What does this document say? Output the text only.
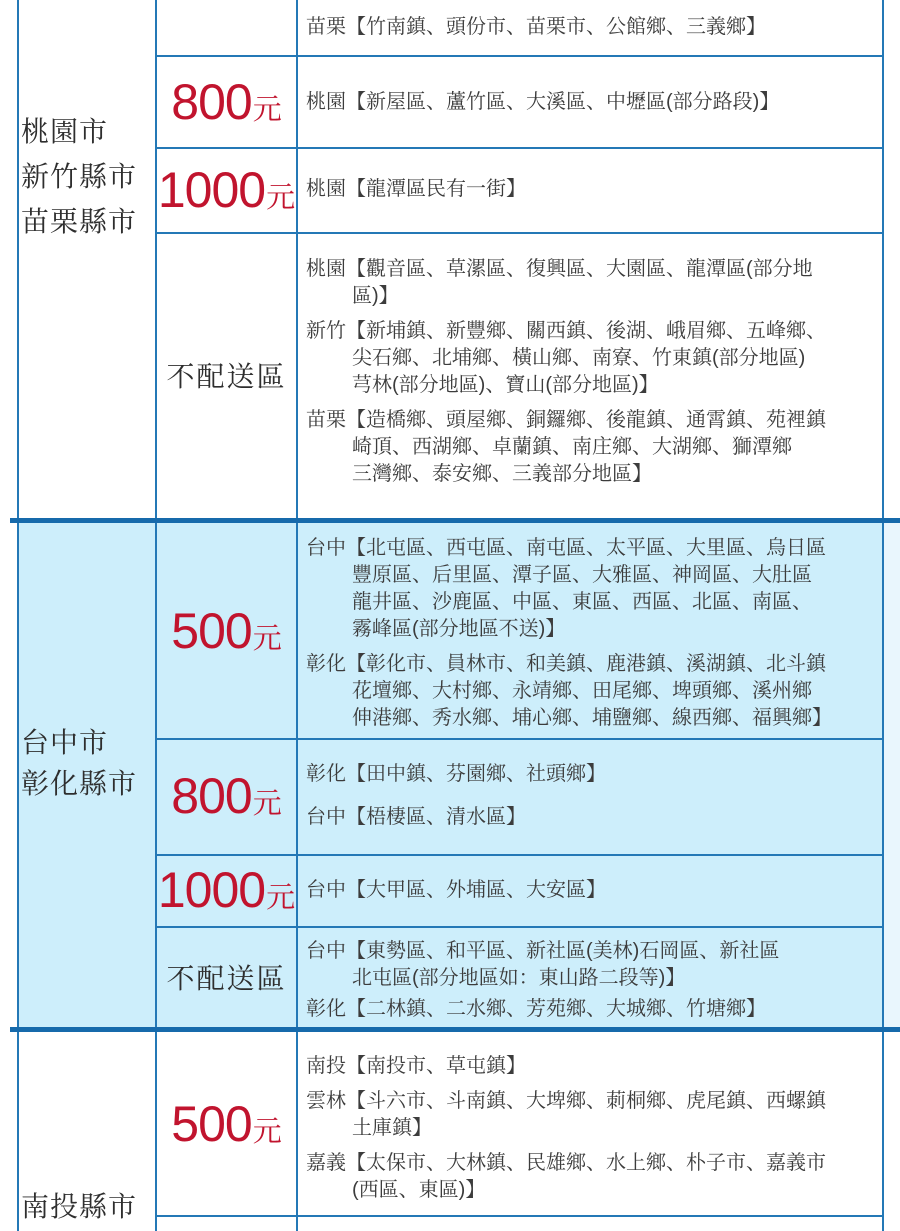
桃園市
新竹縣市
苗栗縣市
台中市
彰化縣市
南投縣市
800 元
1000 元
不配送區
500 元
800 元
1000 元
不配送區
500 元
苗栗【竹南鎮、頭份市、苗栗市、公館鄉、三義鄉】
桃園【新屋區、蘆竹區、大溪區、中壢區(部分路段)】
桃園【龍潭區民有一街】
桃園【觀音區、草漯區、復興區、大園區、龍潭區(部分地
區)】
新竹【新埔鎮、新豐鄉、關西鎮、後湖、峨眉鄉、五峰鄉、
尖石鄉、北埔鄉、橫山鄉、南寮、竹東鎮(部分地區)
芎林(部分地區)、寶山(部分地區)】
苗栗【造橋鄉、頭屋鄉、銅鑼鄉、後龍鎮、通霄鎮、苑裡鎮
崎頂、西湖鄉、卓蘭鎮、南庄鄉、大湖鄉、獅潭鄉
三灣鄉、泰安鄉、三義部分地區】
台中【北屯區、西屯區、南屯區、太平區、大里區、烏日區
豐原區、后里區、潭子區、大雅區、神岡區、大肚區
龍井區、沙鹿區、中區、東區、西區、北區、南區、
霧峰區(部分地區不送)】
彰化【彰化市、員林市、和美鎮、鹿港鎮、溪湖鎮、北斗鎮
花壇鄉、大村鄉、永靖鄉、田尾鄉、埤頭鄉、溪州鄉
伸港鄉、秀水鄉、埔心鄉、埔鹽鄉、線西鄉、福興鄉】
彰化【田中鎮、芬園鄉、社頭鄉】
台中【梧棲區、清水區】
台中【大甲區、外埔區、大安區】
台中【東勢區、和平區、新社區(美林)石岡區、新社區
北屯區(部分地區如：東山路二段等)】
彰化【二林鎮、二水鄉、芳苑鄉、大城鄉、竹塘鄉】
南投【南投市、草屯鎮】
雲林【斗六市、斗南鎮、大埤鄉、莿桐鄉、虎尾鎮、西螺鎮
土庫鎮】
嘉義【太保市、大林鎮、民雄鄉、水上鄉、朴子市、嘉義市
(西區、東區)】
